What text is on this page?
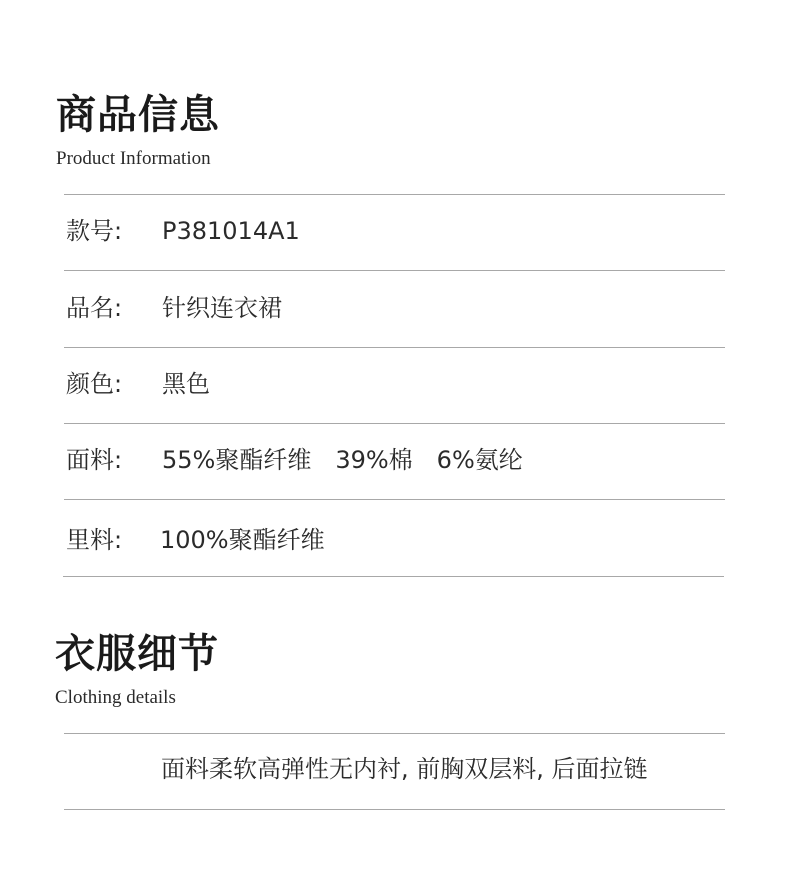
商品信息
Product Information
款号: P381014A1
品名: 针织连衣裙
颜色: 黑色
面料: 55%聚酯纤维　39%棉　6%氨纶
里料: 100%聚酯纤维
衣服细节
Clothing details
面料柔软高弹性无内衬, 前胸双层料, 后面拉链
